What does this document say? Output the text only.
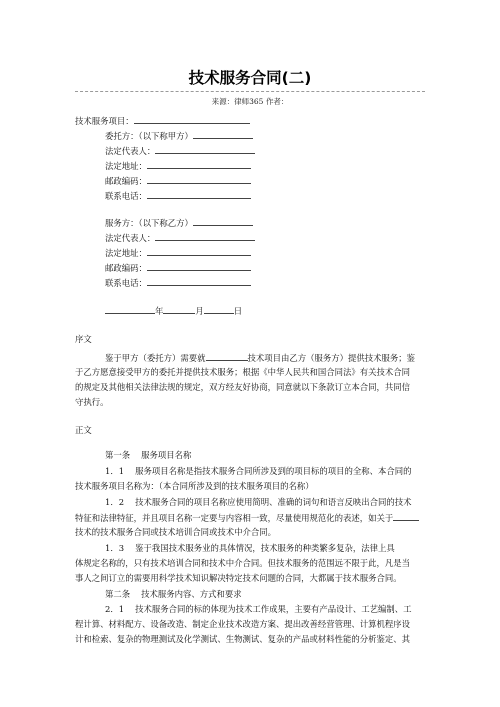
技术服务合同(二)
来源：律师365 作者：
技术服务项目：
委托方：（以下称甲方）
法定代表人：
法定地址：
邮政编码：
联系电话：
服务方：（以下称乙方）
法定代表人：
法定地址：
邮政编码：
联系电话：
年	月	日
序文
鉴于甲方（委托方）需要就	技术项目由乙方（服务方）提供技术服务；鉴
于乙方愿意接受甲方的委托并提供技术服务；根据《中华人民共和国合同法》有关技术合同
的规定及其他相关法律法规的规定，双方经友好协商，同意就以下条款订立本合同，共同信
守执行。
正文
第一条　 服务项目名称
1．1　 服务项目名称是指技术服务合同所涉及到的项目标的项目的全称、本合同的
技术服务项目名称为：（本合同所涉及到的技术服务项目的名称）
1．2　 技术服务合同的项目名称应使用简明、准确的词句和语言反映出合同的技术
特征和法律特征，并且项目名称一定要与内容相一致，尽量使用规范化的表述，如关于
技术的技术服务合同或技术培训合同或技术中介合同。
1．3　 鉴于我国技术服务业的具体情况，技术服务的种类繁多复杂，法律上具
体规定名称的，只有技术培训合同和技术中介合同。但技术服务的范围远不限于此，凡是当
事人之间订立的需要用科学技术知识解决特定技术问题的合同，大都属于技术服务合同。
第二条　 技术服务内容、方式和要求
2．1　 技术服务合同的标的体现为技术工作成果，主要有产品设计、工艺编制、工
程计算、材料配方、设备改造、制定企业技术改造方案、提出改善经营管理、计算机程序设
计和检索、复杂的物理测试及化学测试、生物测试、复杂的产品或材料性能的分析鉴定、其
